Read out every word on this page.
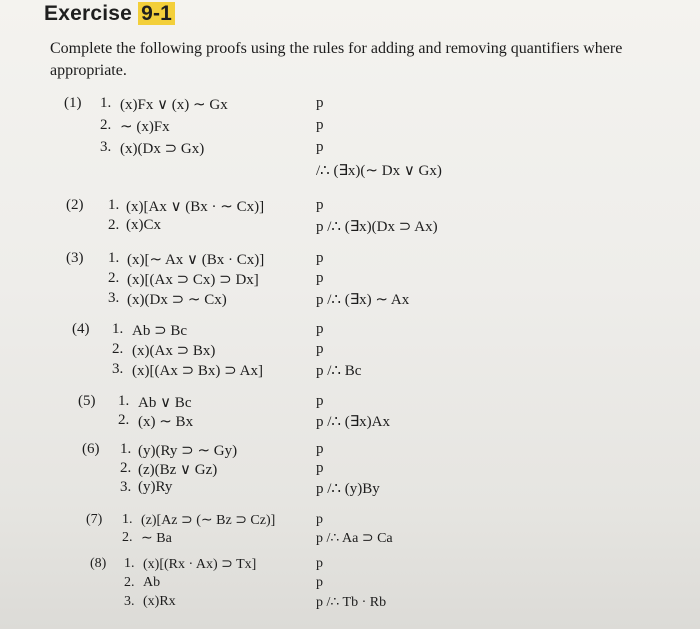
Exercise 9-1
Complete the following proofs using the rules for adding and removing quantifiers where appropriate.
(1) 1. (x)Fx ∨ (x) ∼ Gx	p
2. ∼ (x)Fx	p
3. (x)(Dx ⊃ Gx)	p
/∴ (∃x)(∼ Dx ∨ Gx)
(2) 1. (x)[Ax ∨ (Bx · ∼ Cx)]	p
2. (x)Cx	p /∴ (∃x)(Dx ⊃ Ax)
(3) 1. (x)[∼ Ax ∨ (Bx · Cx)]	p
2. (x)[(Ax ⊃ Cx) ⊃ Dx]	p
3. (x)(Dx ⊃ ∼ Cx)	p /∴ (∃x) ∼ Ax
(4) 1. Ab ⊃ Bc	p
2. (x)(Ax ⊃ Bx)	p
3. (x)[(Ax ⊃ Bx) ⊃ Ax]	p /∴ Bc
(5) 1. Ab ∨ Bc	p
2. (x) ∼ Bx	p /∴ (∃x)Ax
(6) 1. (y)(Ry ⊃ ∼ Gy)	p
2. (z)(Bz ∨ Gz)	p
3. (y)Ry	p /∴ (y)By
(7) 1. (z)[Az ⊃ (∼ Bz ⊃ Cz)]	p
2. ∼ Ba	p /∴ Aa ⊃ Ca
(8) 1. (x)[(Rx · Ax) ⊃ Tx]	p
2. Ab	p
3. (x)Rx	p /∴ Tb · Rb
